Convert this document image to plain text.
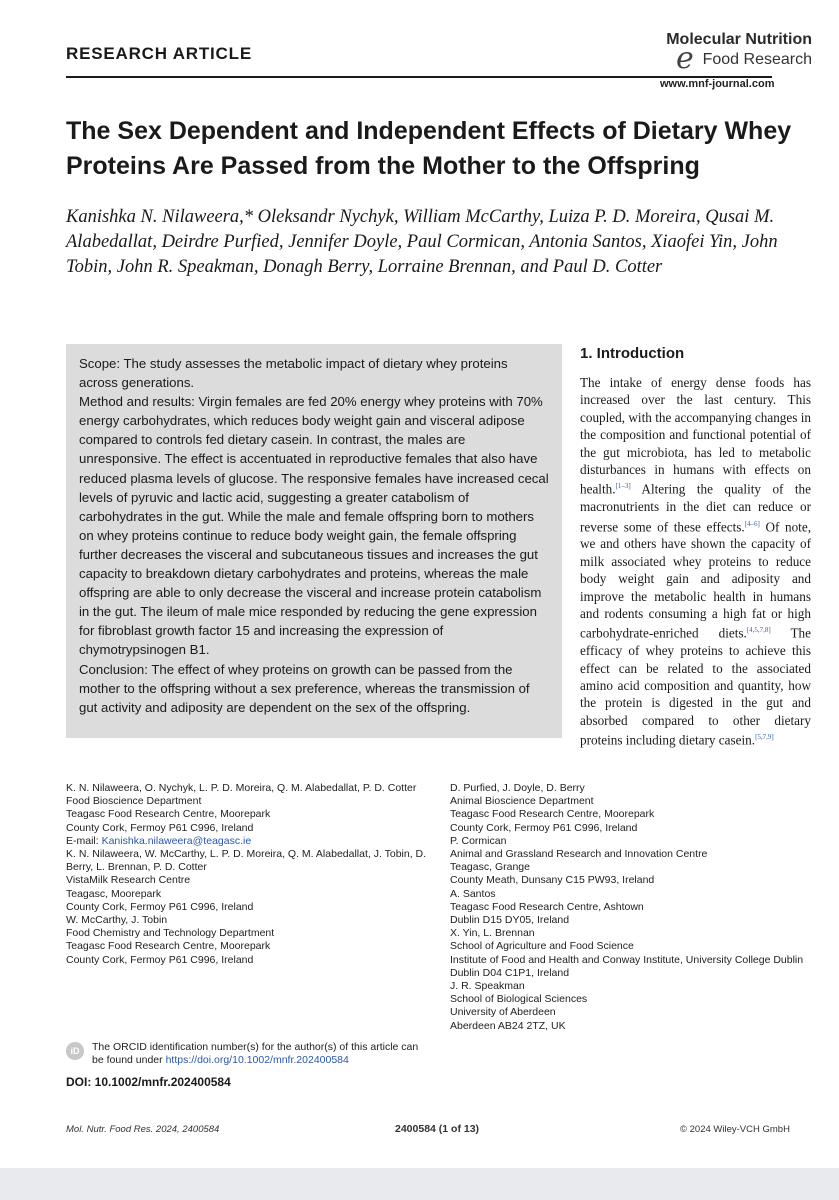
RESEARCH ARTICLE	e
Molecular Nutrition
Food Research
www.mnf-journal.com
The Sex Dependent and Independent Effects of Dietary Whey Proteins Are Passed from the Mother to the Offspring
Kanishka N. Nilaweera,* Oleksandr Nychyk, William McCarthy, Luiza P. D. Moreira, Qusai M. Alabedallat, Deirdre Purfied, Jennifer Doyle, Paul Cormican, Antonia Santos, Xiaofei Yin, John Tobin, John R. Speakman, Donagh Berry, Lorraine Brennan, and Paul D. Cotter

Scope: The study assesses the metabolic impact of dietary whey proteins across generations.

Method and results: Virgin females are fed 20% energy whey proteins with 70% energy carbohydrates, which reduces body weight gain and visceral adipose compared to controls fed dietary casein. In contrast, the males are unresponsive. The effect is accentuated in reproductive females that also have reduced plasma levels of glucose. The responsive females have increased cecal levels of pyruvic and lactic acid, suggesting a greater catabolism of carbohydrates in the gut. While the male and female offspring born to mothers on whey proteins continue to reduce body weight gain, the female offspring further decreases the visceral and subcutaneous tissues and increases the gut capacity to breakdown dietary carbohydrates and proteins, whereas the male offspring are able to only decrease the visceral and increase protein catabolism in the gut. The ileum of male mice responded by reducing the gene expression for fibroblast growth factor 15 and increasing the expression of chymotrypsinogen B1.

Conclusion: The effect of whey proteins on growth can be passed from the mother to the offspring without a sex preference, whereas the transmission of gut activity and adiposity are dependent on the sex of the offspring.

1. Introduction

The intake of energy dense foods has increased over the last century. This coupled, with the accompanying changes in the composition and functional potential of the gut microbiota, has led to metabolic disturbances in humans with effects on health.[1–3] Altering the quality of the macronutrients in the diet can reduce or reverse some of these effects.[4–6] Of note, we and others have shown the capacity of milk associated whey proteins to reduce body weight gain and adiposity and improve the metabolic health in humans and rodents consuming a high fat or high carbohydrate-enriched diets.[4,5,7,8] The efficacy of whey proteins to achieve this effect can be related to the associated amino acid composition and quantity, how the protein is digested in the gut and absorbed compared to other dietary proteins including dietary casein.[5,7,9]

K. N. Nilaweera, O. Nychyk, L. P. D. Moreira, Q. M. Alabedallat, P. D. Cotter

Food Bioscience Department

Teagasc Food Research Centre, Moorepark

County Cork, Fermoy P61 C996, Ireland

E-mail: Kanishka.nilaweera@teagasc.ie

K. N. Nilaweera, W. McCarthy, L. P. D. Moreira, Q. M. Alabedallat, J. Tobin, D. Berry, L. Brennan, P. D. Cotter

VistaMilk Research Centre

Teagasc, Moorepark

County Cork, Fermoy P61 C996, Ireland

W. McCarthy, J. Tobin

Food Chemistry and Technology Department

Teagasc Food Research Centre, Moorepark

County Cork, Fermoy P61 C996, Ireland

D. Purfied, J. Doyle, D. Berry

Animal Bioscience Department

Teagasc Food Research Centre, Moorepark

County Cork, Fermoy P61 C996, Ireland

P. Cormican

Animal and Grassland Research and Innovation Centre

Teagasc, Grange

County Meath, Dunsany C15 PW93, Ireland

A. Santos

Teagasc Food Research Centre, Ashtown

Dublin D15 DY05, Ireland

X. Yin, L. Brennan

School of Agriculture and Food Science

Institute of Food and Health and Conway Institute, University College Dublin

Dublin D04 C1P1, Ireland

J. R. Speakman

School of Biological Sciences

University of Aberdeen

Aberdeen AB24 2TZ, UK

iD	The ORCID identification number(s) for the author(s) of this article can be found under https://doi.org/10.1002/mnfr.202400584
DOI: 10.1002/mnfr.202400584
Mol. Nutr. Food Res. 2024, 2400584	2400584 (1 of 13)	© 2024 Wiley-VCH GmbH
